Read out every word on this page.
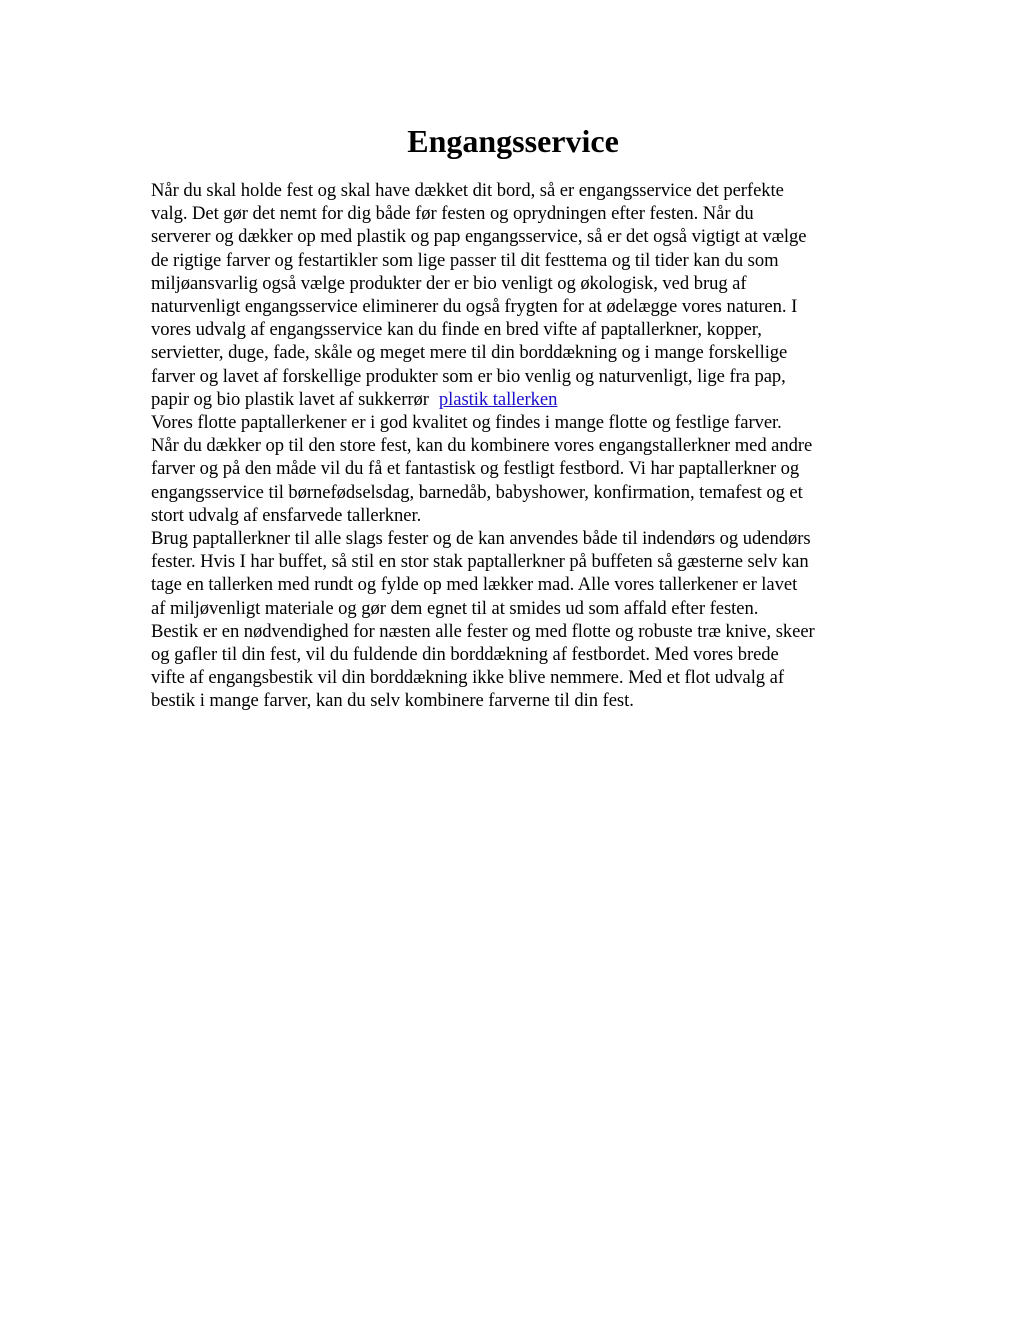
Engangsservice

Når du skal holde fest og skal have dækket dit bord, så er engangsservice det perfekte
valg. Det gør det nemt for dig både før festen og oprydningen efter festen. Når du
serverer og dækker op med plastik og pap engangsservice, så er det også vigtigt at vælge
de rigtige farver og festartikler som lige passer til dit festtema og til tider kan du som
miljøansvarlig også vælge produkter der er bio venligt og økologisk, ved brug af
naturvenligt engangsservice eliminerer du også frygten for at ødelægge vores naturen. I
vores udvalg af engangsservice kan du finde en bred vifte af paptallerkner, kopper,
servietter, duge, fade, skåle og meget mere til din borddækning og i mange forskellige
farver og lavet af forskellige produkter som er bio venlig og naturvenligt, lige fra pap,
papir og bio plastik lavet af sukkerrør plastik tallerken
Vores flotte paptallerkener er i god kvalitet og findes i mange flotte og festlige farver.
Når du dækker op til den store fest, kan du kombinere vores engangstallerkner med andre
farver og på den måde vil du få et fantastisk og festligt festbord. Vi har paptallerkner og
engangsservice til børnefødselsdag, barnedåb, babyshower, konfirmation, temafest og et
stort udvalg af ensfarvede tallerkner.
Brug paptallerkner til alle slags fester og de kan anvendes både til indendørs og udendørs
fester. Hvis I har buffet, så stil en stor stak paptallerkner på buffeten så gæsterne selv kan
tage en tallerken med rundt og fylde op med lækker mad. Alle vores tallerkener er lavet
af miljøvenligt materiale og gør dem egnet til at smides ud som affald efter festen.
Bestik er en nødvendighed for næsten alle fester og med flotte og robuste træ knive, skeer
og gafler til din fest, vil du fuldende din borddækning af festbordet. Med vores brede
vifte af engangsbestik vil din borddækning ikke blive nemmere. Med et flot udvalg af
bestik i mange farver, kan du selv kombinere farverne til din fest.
